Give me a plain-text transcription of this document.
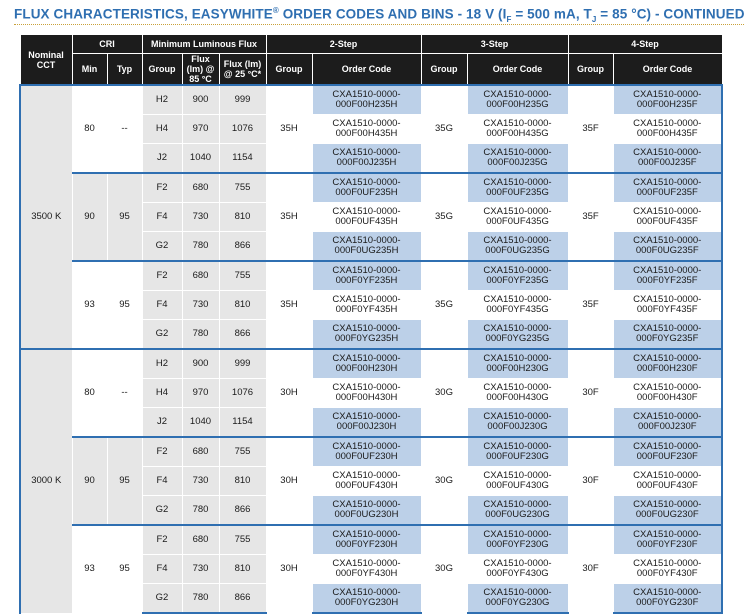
FLUX CHARACTERISTICS, EASYWHITE® ORDER CODES AND BINS - 18 V ($I_F = 500$ mA, $T_J = 85$ °C) - CONTINUED
Nominal CCT	CRI		Minimum Luminous Flux			2-Step		3-Step		4-Step	
	Min	Typ	Group	Flux (lm) @ 85 °C	Flux (lm) @ 25 °C*	Group	Order Code	Group	Order Code	Group	Order Code
3500 K	80	--	H2	900	999	35H	CXA1510-0000-000F00H235H	35G	CXA1510-0000-000F00H235G	35F	CXA1510-0000-000F00H235F
			H4	970	1076		CXA1510-0000-000F00H435H		CXA1510-0000-000F00H435G		CXA1510-0000-000F00H435F
			J2	1040	1154		CXA1510-0000-000F00J235H		CXA1510-0000-000F00J235G		CXA1510-0000-000F00J235F
	90	95	F2	680	755	35H	CXA1510-0000-000F0UF235H	35G	CXA1510-0000-000F0UF235G	35F	CXA1510-0000-000F0UF235F
			F4	730	810		CXA1510-0000-000F0UF435H		CXA1510-0000-000F0UF435G		CXA1510-0000-000F0UF435F
			G2	780	866		CXA1510-0000-000F0UG235H		CXA1510-0000-000F0UG235G		CXA1510-0000-000F0UG235F
	93	95	F2	680	755	35H	CXA1510-0000-000F0YF235H	35G	CXA1510-0000-000F0YF235G	35F	CXA1510-0000-000F0YF235F
			F4	730	810		CXA1510-0000-000F0YF435H		CXA1510-0000-000F0YF435G		CXA1510-0000-000F0YF435F
			G2	780	866		CXA1510-0000-000F0YG235H		CXA1510-0000-000F0YG235G		CXA1510-0000-000F0YG235F
3000 K	80	--	H2	900	999	30H	CXA1510-0000-000F00H230H	30G	CXA1510-0000-000F00H230G	30F	CXA1510-0000-000F00H230F
			H4	970	1076		CXA1510-0000-000F00H430H		CXA1510-0000-000F00H430G		CXA1510-0000-000F00H430F
			J2	1040	1154		CXA1510-0000-000F00J230H		CXA1510-0000-000F00J230G		CXA1510-0000-000F00J230F
	90	95	F2	680	755	30H	CXA1510-0000-000F0UF230H	30G	CXA1510-0000-000F0UF230G	30F	CXA1510-0000-000F0UF230F
			F4	730	810		CXA1510-0000-000F0UF430H		CXA1510-0000-000F0UF430G		CXA1510-0000-000F0UF430F
			G2	780	866		CXA1510-0000-000F0UG230H		CXA1510-0000-000F0UG230G		CXA1510-0000-000F0UG230F
	93	95	F2	680	755	30H	CXA1510-0000-000F0YF230H	30G	CXA1510-0000-000F0YF230G	30F	CXA1510-0000-000F0YF230F
			F4	730	810		CXA1510-0000-000F0YF430H		CXA1510-0000-000F0YF430G		CXA1510-0000-000F0YF430F
			G2	780	866		CXA1510-0000-000F0YG230H		CXA1510-0000-000F0YG230G		CXA1510-0000-000F0YG230F
